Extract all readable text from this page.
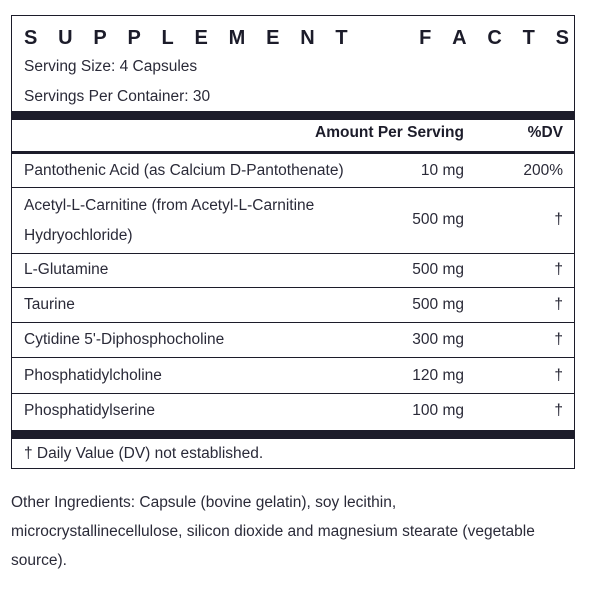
S U P P L E M E N T	F A C T S
Serving Size: 4 Capsules
Servings Per Container: 30
Amount Per Serving	%DV
Pantothenic Acid (as Calcium D-Pantothenate)	10 mg	200%
Acetyl-L-Carnitine (from Acetyl-L-Carnitine
Hydryochloride)
500 mg	†
L-Glutamine	500 mg	†
Taurine	500 mg	†
Cytidine 5'-Diphosphocholine	300 mg	†
Phosphatidylcholine	120 mg	†
Phosphatidylserine	100 mg	†
† Daily Value (DV) not established.
Other Ingredients: Capsule (bovine gelatin), soy lecithin,
microcrystallinecellulose, silicon dioxide and magnesium stearate (vegetable
source).
